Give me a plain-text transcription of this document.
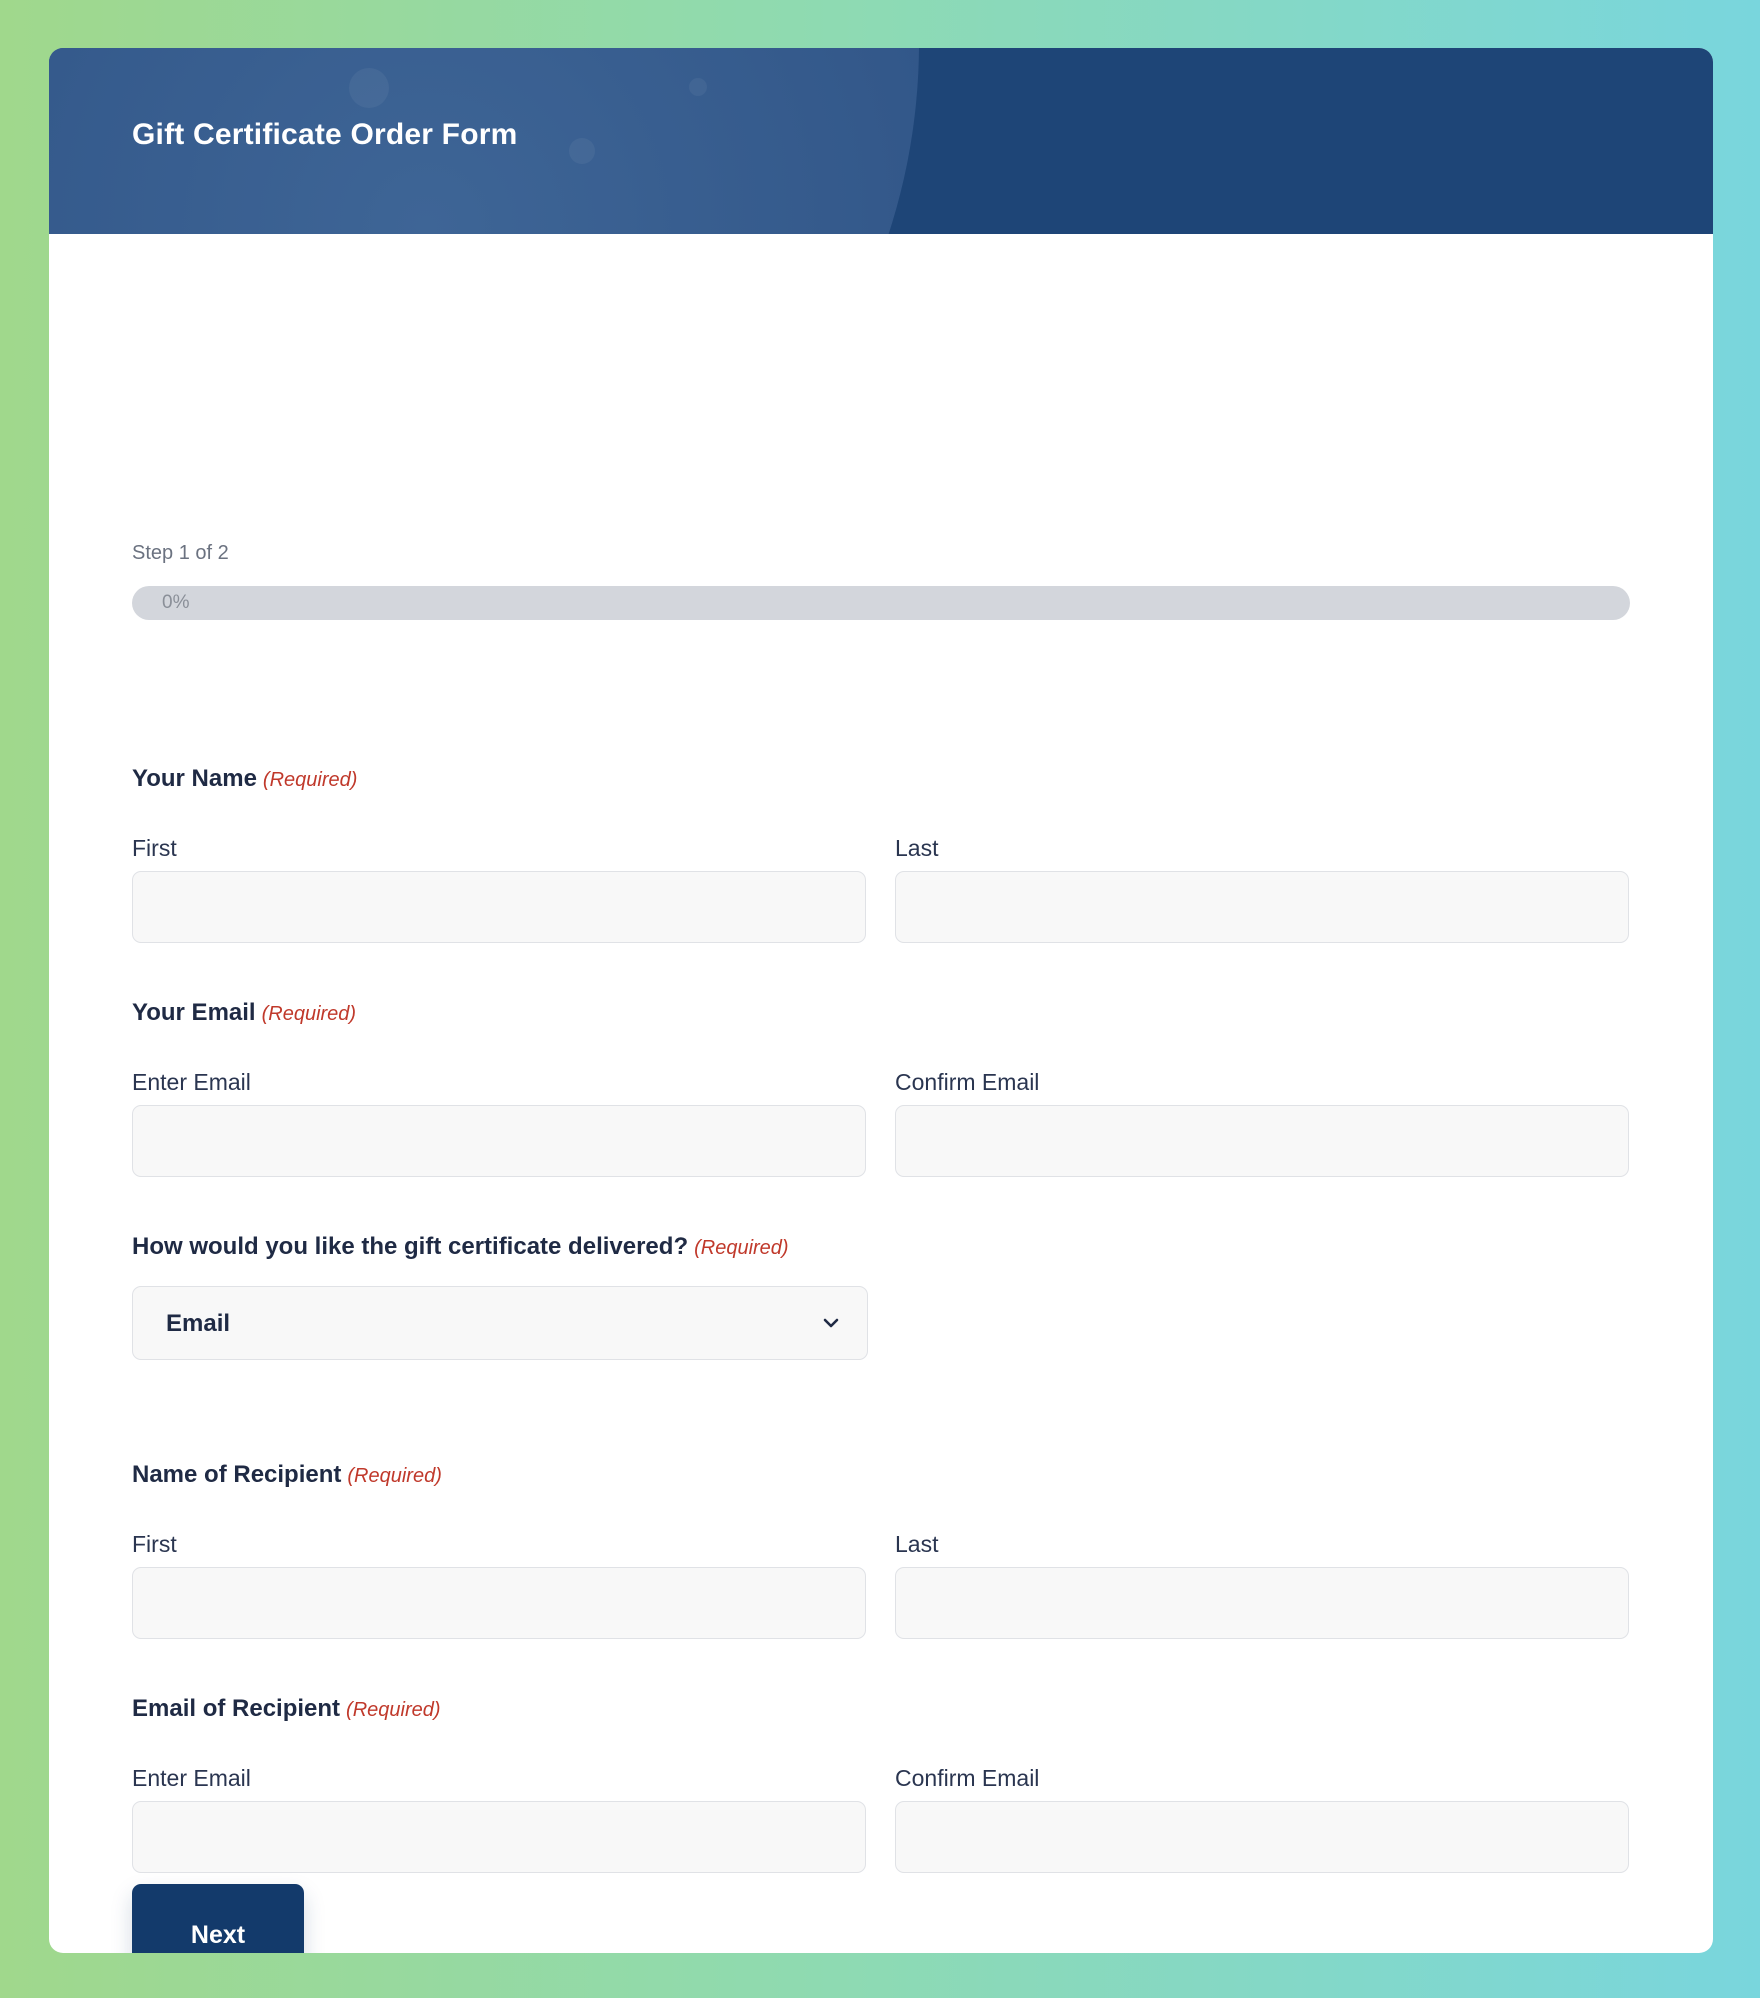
Gift Certificate Order Form
Step 1 of 2
0%
Your Name (Required)
First	Last
Your Email (Required)
Enter Email	Confirm Email
How would you like the gift certificate delivered? (Required)
Email
Name of Recipient (Required)
First	Last
Email of Recipient (Required)
Enter Email	Confirm Email
Next
